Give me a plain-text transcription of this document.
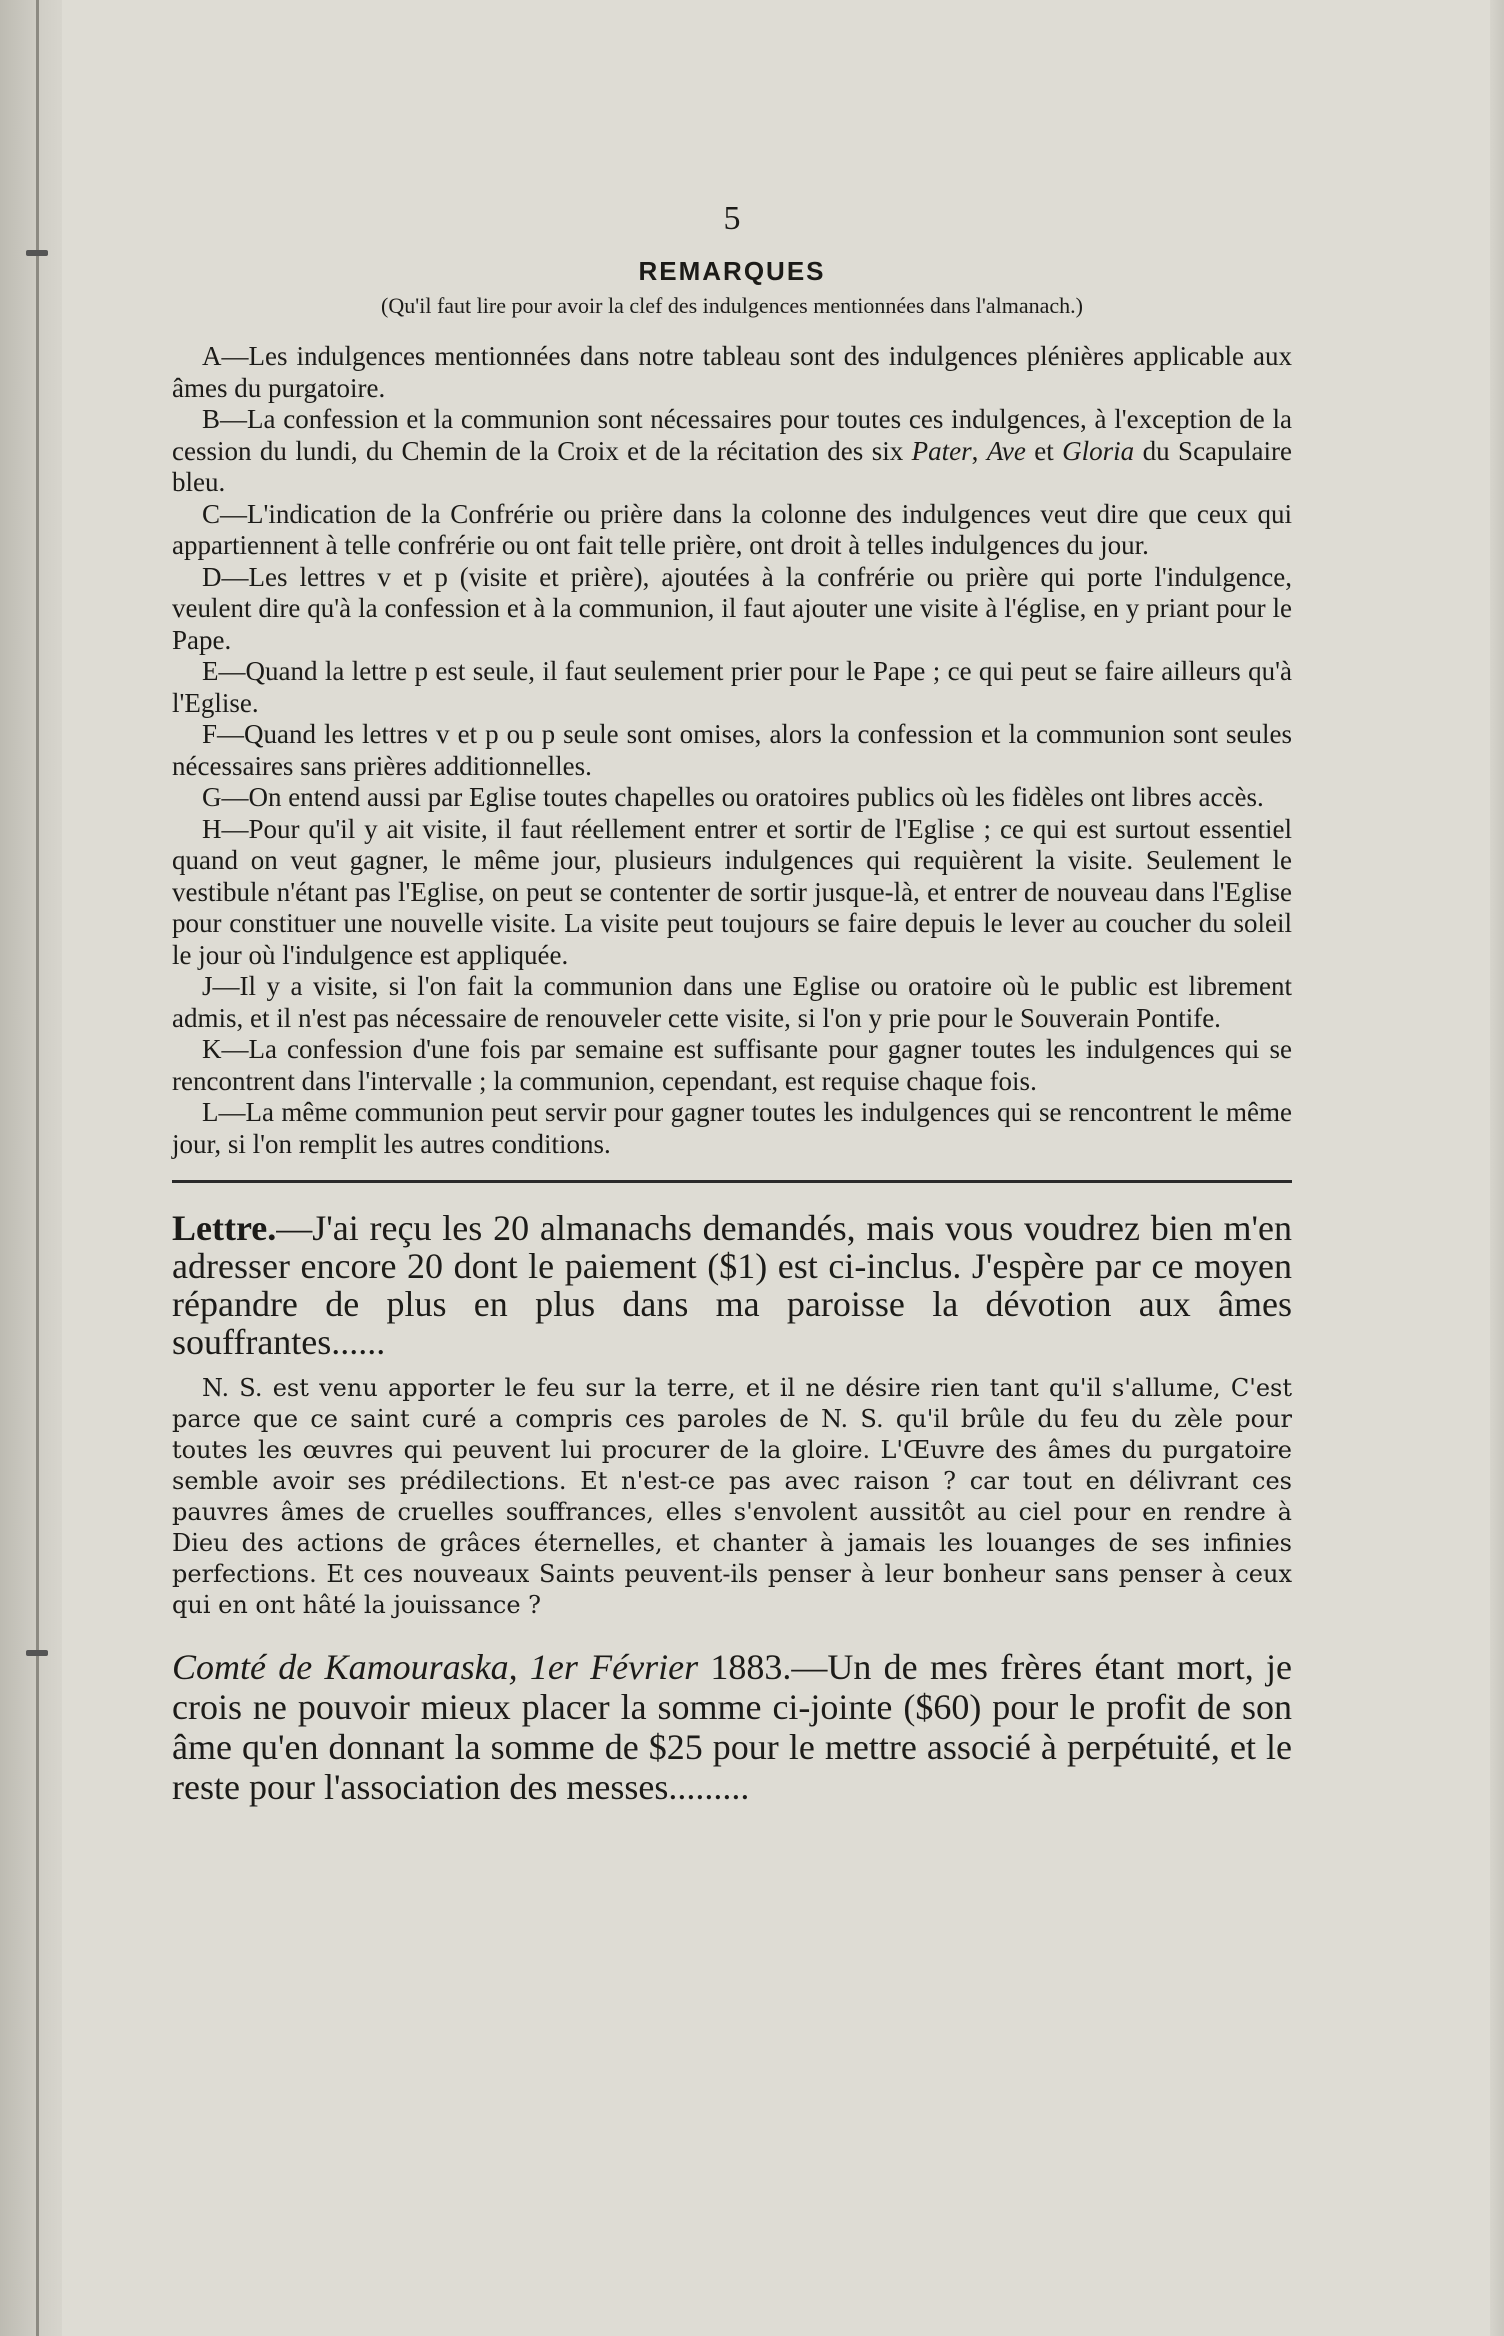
5
REMARQUES
(Qu'il faut lire pour avoir la clef des indulgences mentionnées dans l'almanach.)

A—Les indulgences mentionnées dans notre tableau sont des indulgences plénières applicable aux âmes du purgatoire.

B—La confession et la communion sont nécessaires pour toutes ces indulgences, à l'exception de la cession du lundi, du Chemin de la Croix et de la récitation des six Pater, Ave et Gloria du Scapulaire bleu.

C—L'indication de la Confrérie ou prière dans la colonne des indulgences veut dire que ceux qui appartiennent à telle confrérie ou ont fait telle prière, ont droit à telles indulgences du jour.

D—Les lettres v et p (visite et prière), ajoutées à la confrérie ou prière qui porte l'indulgence, veulent dire qu'à la confession et à la communion, il faut ajouter une visite à l'église, en y priant pour le Pape.

E—Quand la lettre p est seule, il faut seulement prier pour le Pape ; ce qui peut se faire ailleurs qu'à l'Eglise.

F—Quand les lettres v et p ou p seule sont omises, alors la confession et la communion sont seules nécessaires sans prières additionnelles.

G—On entend aussi par Eglise toutes chapelles ou oratoires publics où les fidèles ont libres accès.

H—Pour qu'il y ait visite, il faut réellement entrer et sortir de l'Eglise ; ce qui est surtout essentiel quand on veut gagner, le même jour, plusieurs indulgences qui requièrent la visite. Seulement le vestibule n'étant pas l'Eglise, on peut se contenter de sortir jusque-là, et entrer de nouveau dans l'Eglise pour constituer une nouvelle visite. La visite peut toujours se faire depuis le lever au coucher du soleil le jour où l'indulgence est appliquée.

J—Il y a visite, si l'on fait la communion dans une Eglise ou oratoire où le public est librement admis, et il n'est pas nécessaire de renouveler cette visite, si l'on y prie pour le Souverain Pontife.

K—La confession d'une fois par semaine est suffisante pour gagner toutes les indulgences qui se rencontrent dans l'intervalle ; la communion, cependant, est requise chaque fois.

L—La même communion peut servir pour gagner toutes les indulgences qui se rencontrent le même jour, si l'on remplit les autres conditions.

Lettre.—J'ai reçu les 20 almanachs demandés, mais vous voudrez bien m'en adresser encore 20 dont le paiement ($1) est ci-inclus. J'espère par ce moyen répandre de plus en plus dans ma paroisse la dévotion aux âmes souffrantes......

N. S. est venu apporter le feu sur la terre, et il ne désire rien tant qu'il s'allume, C'est parce que ce saint curé a compris ces paroles de N. S. qu'il brûle du feu du zèle pour toutes les œuvres qui peuvent lui procurer de la gloire. L'Œuvre des âmes du purgatoire semble avoir ses prédilections. Et n'est-ce pas avec raison ? car tout en délivrant ces pauvres âmes de cruelles souffrances, elles s'envolent aussitôt au ciel pour en rendre à Dieu des actions de grâces éternelles, et chanter à jamais les louanges de ses infinies perfections. Et ces nouveaux Saints peuvent-ils penser à leur bonheur sans penser à ceux qui en ont hâté la jouissance ?

Comté de Kamouraska, 1er Février 1883.—Un de mes frères étant mort, je crois ne pouvoir mieux placer la somme ci-jointe ($60) pour le profit de son âme qu'en donnant la somme de $25 pour le mettre associé à perpétuité, et le reste pour l'association des messes.........
